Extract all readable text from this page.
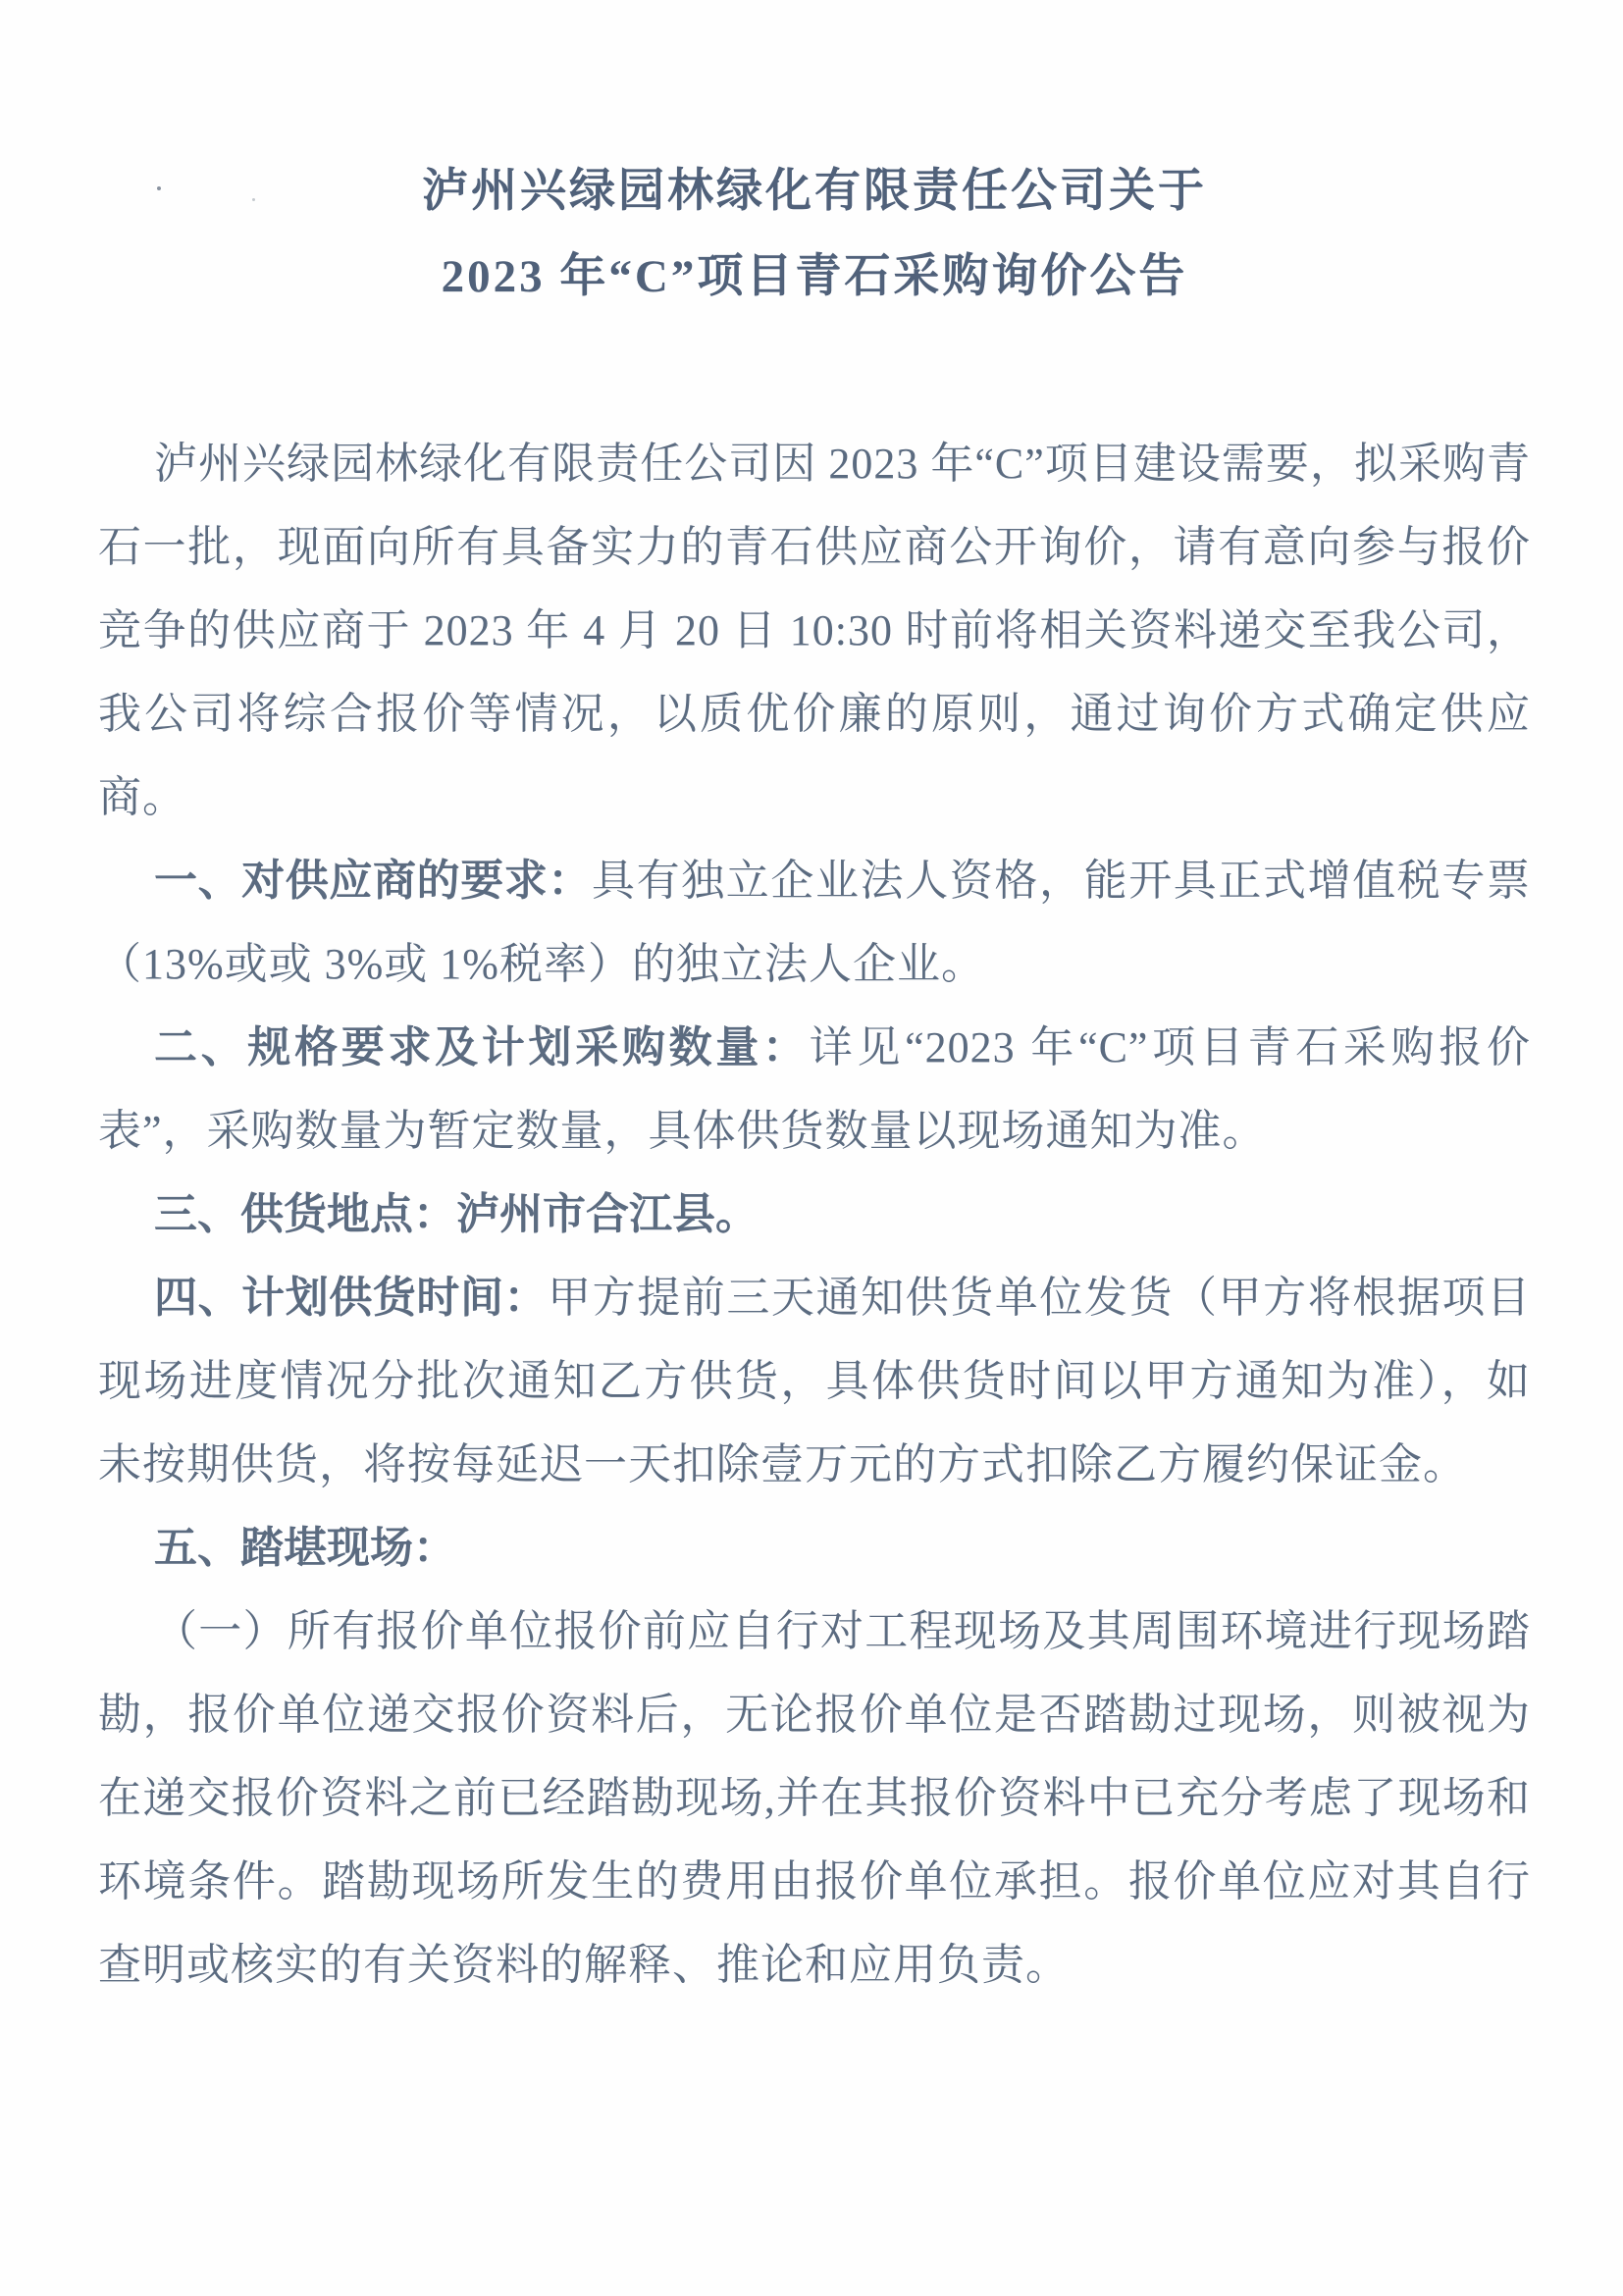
泸州兴绿园林绿化有限责任公司关于
2023 年“C”项目青石采购询价公告

泸州兴绿园林绿化有限责任公司因 2023 年“C”项目建设需要，拟采购青石一批，现面向所有具备实力的青石供应商公开询价，请有意向参与报价竞争的供应商于 2023 年 4 月 20 日 10:30 时前将相关资料递交至我公司，我公司将综合报价等情况，以质优价廉的原则，通过询价方式确定供应商。

一、对供应商的要求：具有独立企业法人资格，能开具正式增值税专票（13%或或 3%或 1%税率）的独立法人企业。

二、规格要求及计划采购数量：详见“2023 年“C”项目青石采购报价表”，采购数量为暂定数量，具体供货数量以现场通知为准。

三、供货地点：泸州市合江县。

四、计划供货时间：甲方提前三天通知供货单位发货（甲方将根据项目现场进度情况分批次通知乙方供货，具体供货时间以甲方通知为准），如未按期供货，将按每延迟一天扣除壹万元的方式扣除乙方履约保证金。

五、踏堪现场：

（一）所有报价单位报价前应自行对工程现场及其周围环境进行现场踏勘，报价单位递交报价资料后，无论报价单位是否踏勘过现场，则被视为在递交报价资料之前已经踏勘现场,并在其报价资料中已充分考虑了现场和环境条件。踏勘现场所发生的费用由报价单位承担。报价单位应对其自行查明或核实的有关资料的解释、推论和应用负责。
